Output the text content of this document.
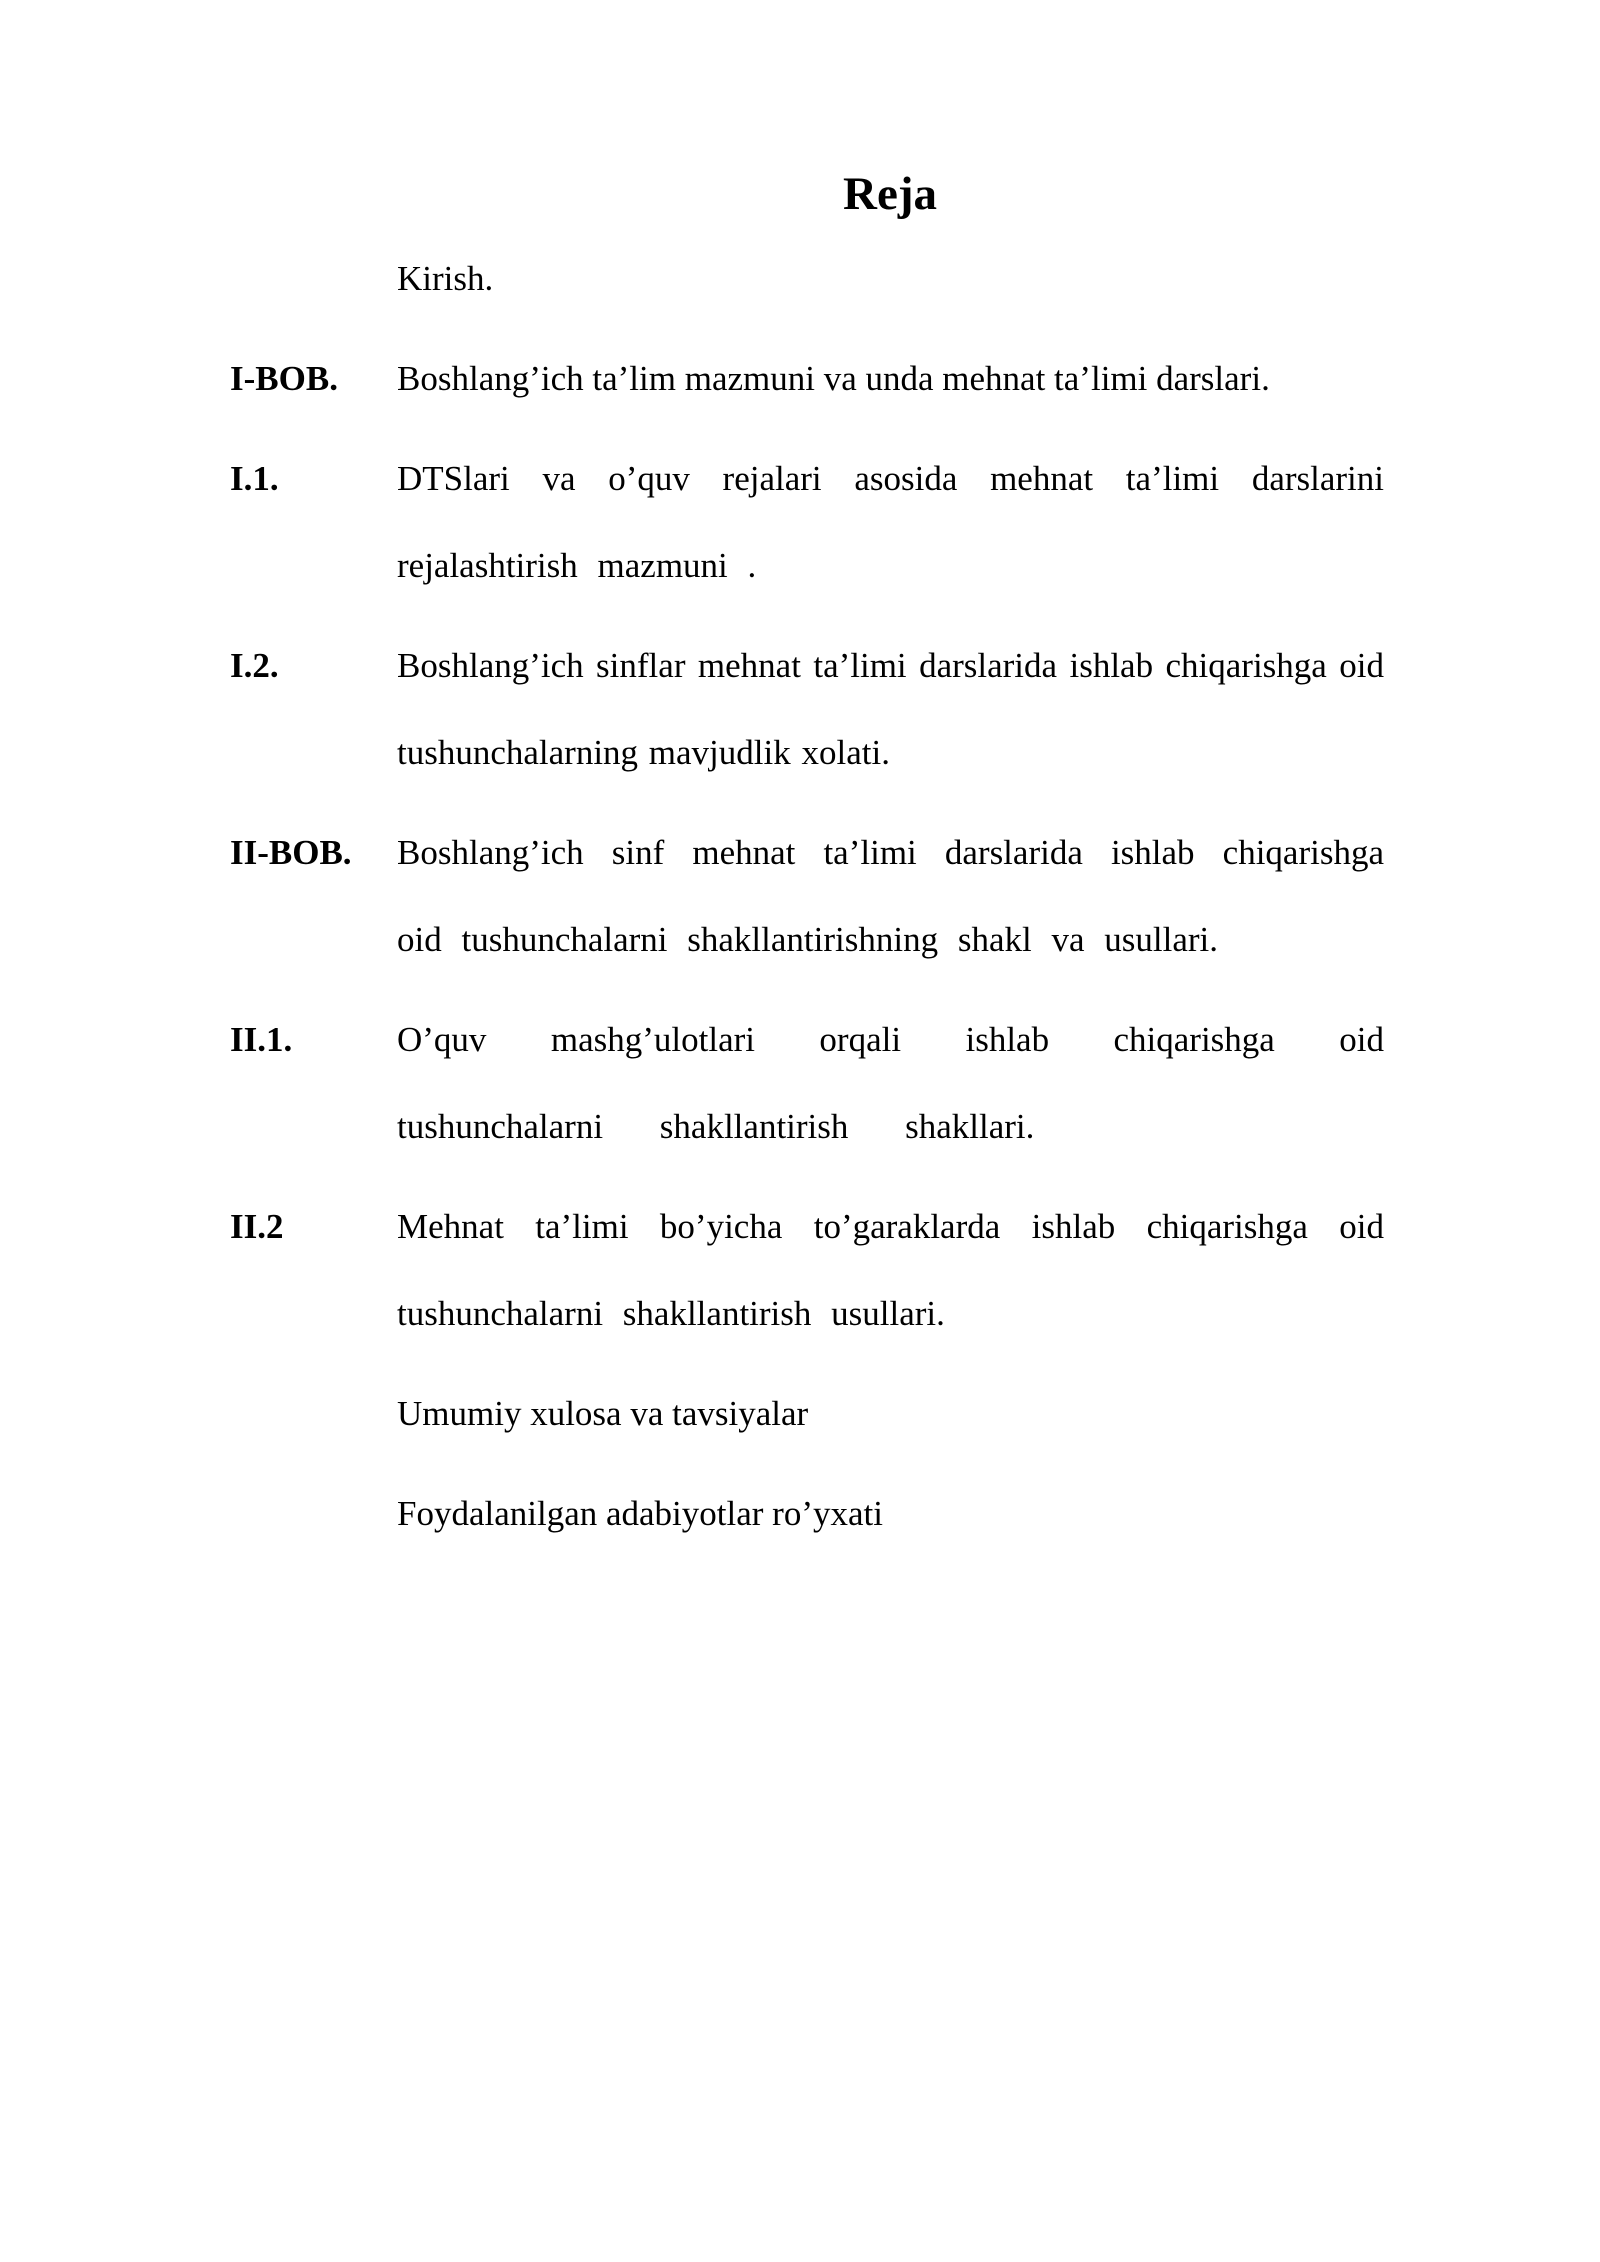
Reja
Kirish.
I-BOB.	Boshlang’ich ta’lim mazmuni va unda mehnat ta’limi darslari.
I.1.	DTSlari va o’quv rejalari asosida mehnat ta’limi darslarini rejalashtirish mazmuni .
I.2.	Boshlang’ich sinflar mehnat ta’limi darslarida ishlab chiqarishga oid tushunchalarning mavjudlik xolati.
II-BOB.	Boshlang’ich sinf mehnat ta’limi darslarida ishlab chiqarishga oid tushunchalarni shakllantirishning shakl va usullari.
II.1.	O’quv mashg’ulotlari orqali ishlab chiqarishga oid tushunchalarni shakllantirish shakllari.
II.2	Mehnat ta’limi bo’yicha to’garaklarda ishlab chiqarishga oid tushunchalarni shakllantirish usullari.
Umumiy xulosa va tavsiyalar
Foydalanilgan adabiyotlar ro’yxati
